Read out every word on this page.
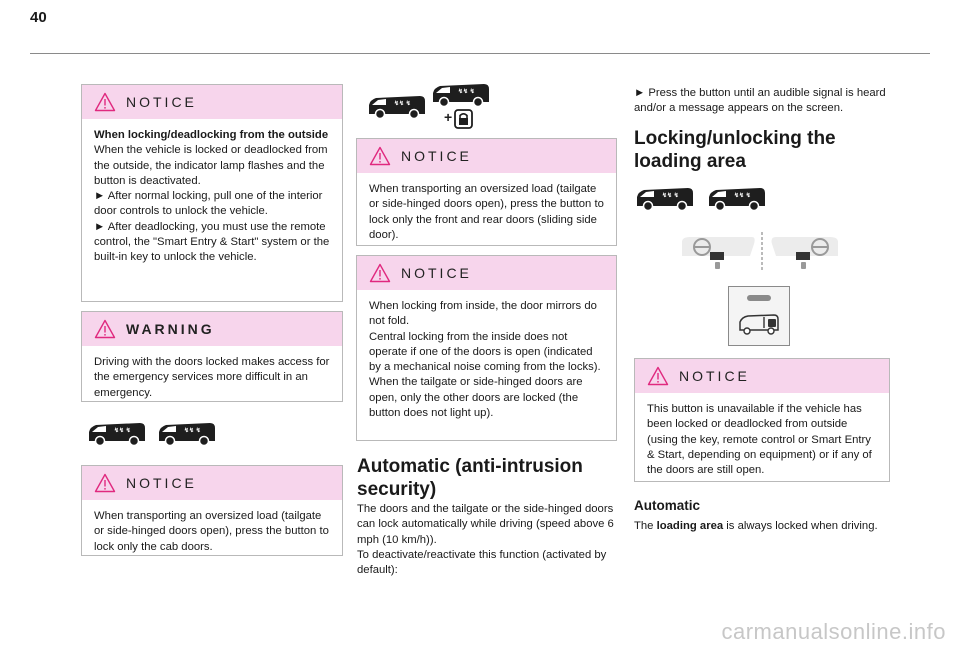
40
NOTICE

When locking/deadlocking from the outside

When the vehicle is locked or deadlocked from the outside, the indicator lamp flashes and the button is deactivated.

► After normal locking, pull one of the interior door controls to unlock the vehicle.

► After deadlocking, you must use the remote control, the "Smart Entry & Start" system or the built-in key to unlock the vehicle.

WARNING

Driving with the doors locked makes access for the emergency services more difficult in an emergency.

NOTICE

When transporting an oversized load (tailgate or side-hinged doors open), press the button to lock only the cab doors.

+
NOTICE

When transporting an oversized load (tailgate or side-hinged doors open), press the button to lock only the front and rear doors (sliding side door).

NOTICE

When locking from inside, the door mirrors do not fold.

Central locking from the inside does not operate if one of the doors is open (indicated by a mechanical noise coming from the locks).

When the tailgate or side-hinged doors are open, only the other doors are locked (the button does not light up).

Automatic (anti-intrusion security)

The doors and the tailgate or the side-hinged doors can lock automatically while driving (speed above 6 mph (10 km/h)).

To deactivate/reactivate this function (activated by default):

► Press the button until an audible signal is heard and/or a message appears on the screen.

Locking/unlocking the loading area

NOTICE

This button is unavailable if the vehicle has been locked or deadlocked from outside (using the key, remote control or Smart Entry & Start, depending on equipment) or if any of the doors are still open.

Automatic

The loading area is always locked when driving.

carmanualsonline.info
